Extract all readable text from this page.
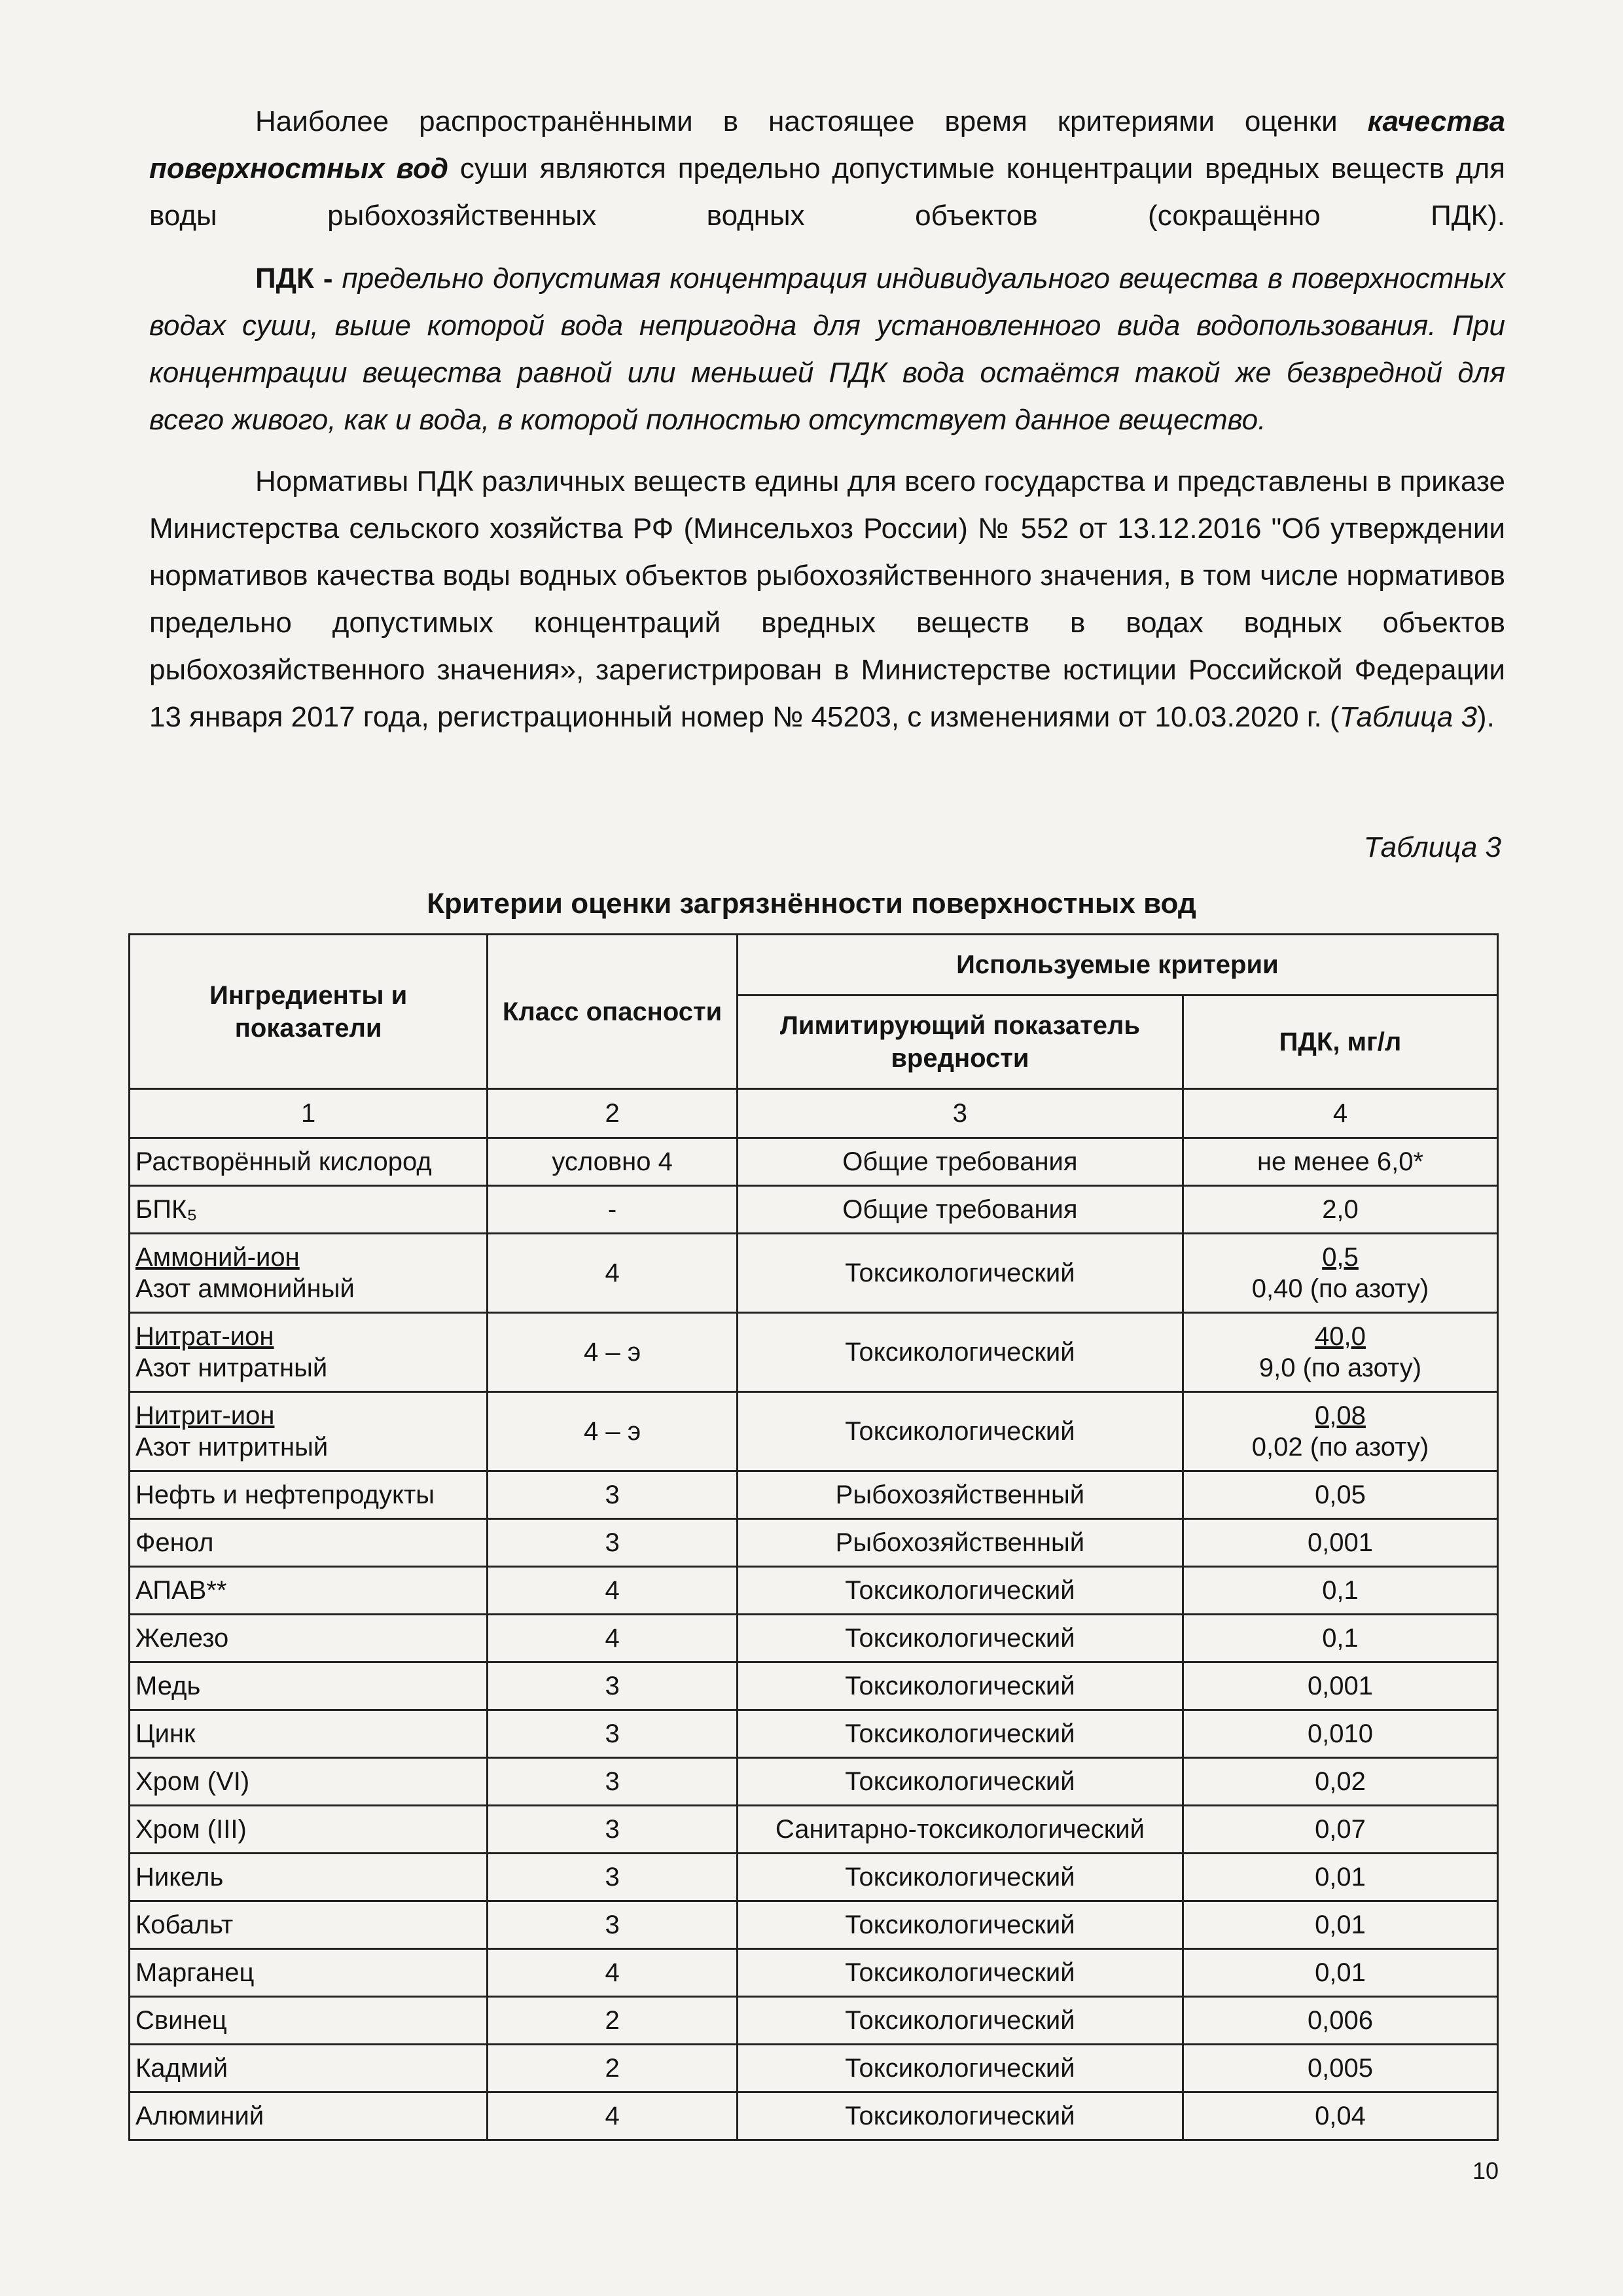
Наиболее распространёнными в настоящее время критериями оценки качества поверхностных вод суши являются предельно допустимые концентрации вредных веществ для воды рыбохозяйственных водных объектов (сокращённо ПДК).
ПДК - предельно допустимая концентрация индивидуального вещества в поверхностных водах суши, выше которой вода непригодна для установленного вида водопользования. При концентрации вещества равной или меньшей ПДК вода остаётся такой же безвредной для всего живого, как и вода, в которой полностью отсутствует данное вещество.
Нормативы ПДК различных веществ едины для всего государства и представлены в приказе Министерства сельского хозяйства РФ (Минсельхоз России) № 552 от 13.12.2016 "Об утверждении нормативов качества воды водных объектов рыбохозяйственного значения, в том числе нормативов предельно допустимых концентраций вредных веществ в водах водных объектов рыбохозяйственного значения», зарегистрирован в Министерстве юстиции Российской Федерации 13 января 2017 года, регистрационный номер № 45203, с изменениями от 10.03.2020 г. (Таблица 3).
Таблица 3
Критерии оценки загрязнённости поверхностных вод
Ингредиенты и показатели	Класс опасности	Используемые критерии	
		Лимитирующий показатель вредности	ПДК, мг/л
1	2	3	4
Растворённый кислород	условно 4	Общие требования	не менее 6,0*
БПК₅	-	Общие требования	2,0

Аммоний-ион
Азот аммонийный	4	Токсикологический	0,5
0,40 (по азоту)

Нитрат-ион
Азот нитратный	4 – э	Токсикологический	40,0
9,0 (по азоту)

Нитрит-ион
Азот нитритный	4 – э	Токсикологический	0,08
0,02 (по азоту)

Нефть и нефтепродукты	3	Рыбохозяйственный	0,05
Фенол	3	Рыбохозяйственный	0,001
АПАВ**	4	Токсикологический	0,1
Железо	4	Токсикологический	0,1
Медь	3	Токсикологический	0,001
Цинк	3	Токсикологический	0,010
Хром (VI)	3	Токсикологический	0,02
Хром (III)	3	Санитарно-токсикологический	0,07
Никель	3	Токсикологический	0,01
Кобальт	3	Токсикологический	0,01
Марганец	4	Токсикологический	0,01
Свинец	2	Токсикологический	0,006
Кадмий	2	Токсикологический	0,005
Алюминий	4	Токсикологический	0,04
10
